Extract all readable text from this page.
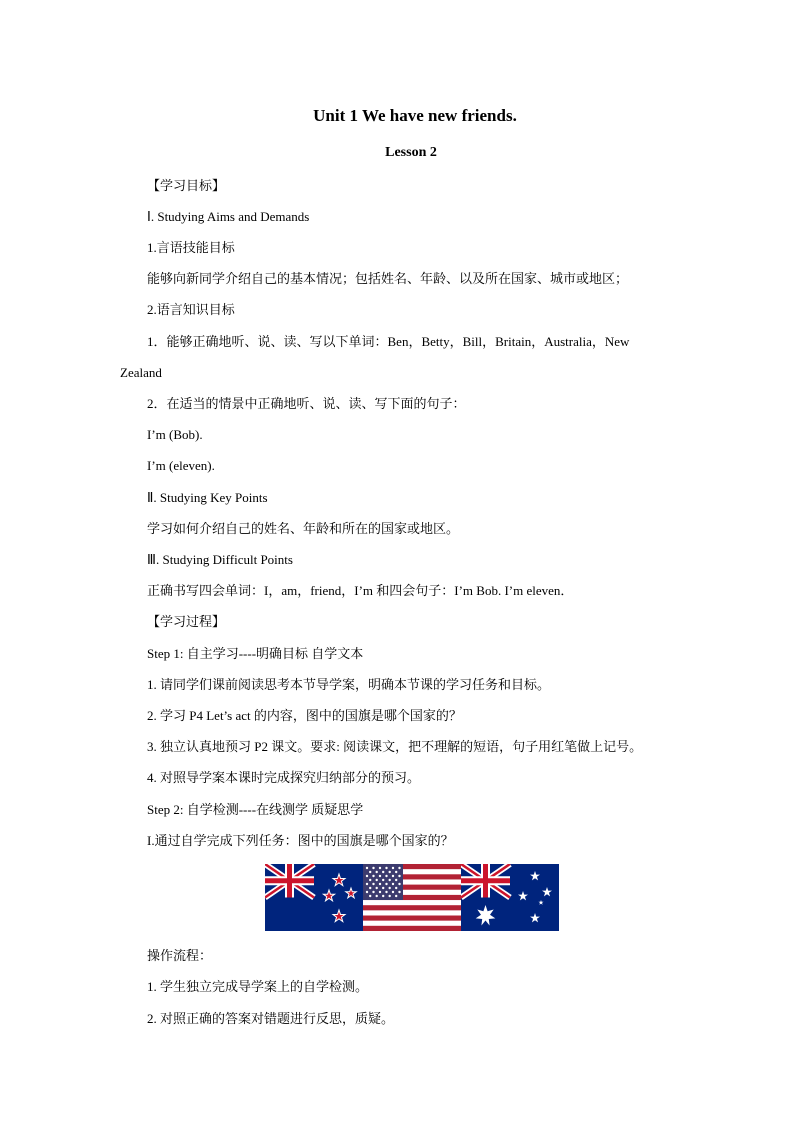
Unit 1 We have new friends.
Lesson 2
【学习目标】
Ⅰ. Studying Aims and Demands
1.言语技能目标
能够向新同学介绍自己的基本情况；包括姓名、年龄、以及所在国家、城市或地区；
2.语言知识目标
1．能够正确地听、说、读、写以下单词：Ben，Betty，Bill，Britain，Australia，New
Zealand
2．在适当的情景中正确地听、说、读、写下面的句子：
I’m (Bob).
I’m (eleven).
Ⅱ. Studying Key Points
学习如何介绍自己的姓名、年龄和所在的国家或地区。
Ⅲ. Studying Difficult Points
正确书写四会单词：I，am，friend，I’m 和四会句子：I’m Bob. I’m eleven．
【学习过程】
Step 1: 自主学习----明确目标 自学文本
1. 请同学们课前阅读思考本节导学案，明确本节课的学习任务和目标。
2. 学习 P4 Let’s act 的内容，图中的国旗是哪个国家的？
3. 独立认真地预习 P2 课文。要求: 阅读课文，把不理解的短语，句子用红笔做上记号。
4. 对照导学案本课时完成探究归纳部分的预习。
Step 2: 自学检测----在线测学 质疑思学
I.通过自学完成下列任务：图中的国旗是哪个国家的？
操作流程：
1. 学生独立完成导学案上的自学检测。
2. 对照正确的答案对错题进行反思，质疑。
